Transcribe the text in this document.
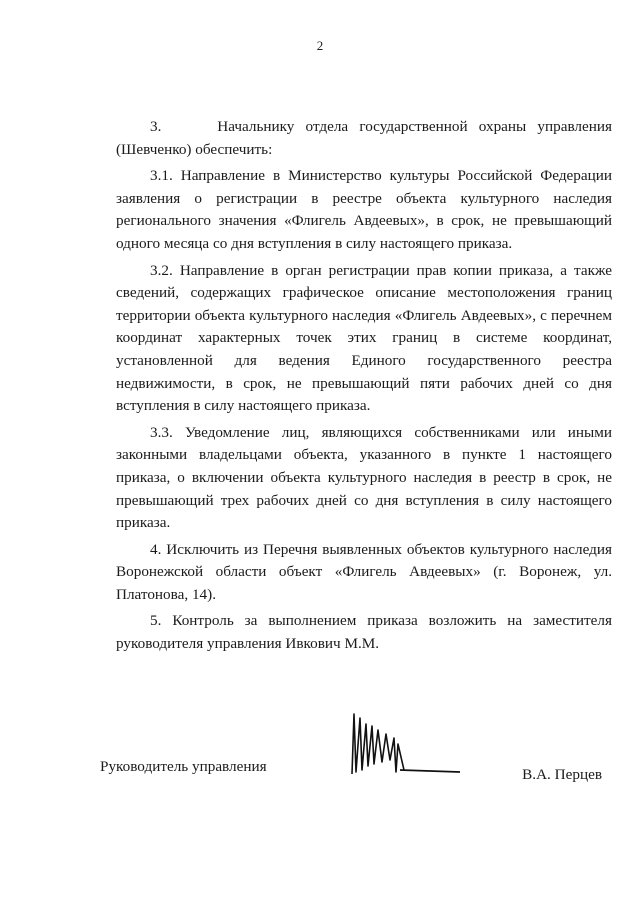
2

3.     Начальнику отдела государственной охраны управления (Шевченко) обеспечить:

3.1. Направление в Министерство культуры Российской Федерации заявления о регистрации в реестре объекта культурного наследия регионального значения «Флигель Авдеевых», в срок, не превышающий одного месяца со дня вступления в силу настоящего приказа.

3.2. Направление в орган регистрации прав копии приказа, а также сведений, содержащих графическое описание местоположения границ территории объекта культурного наследия «Флигель Авдеевых», с перечнем координат характерных точек этих границ в системе координат, установленной для ведения Единого государственного реестра недвижимости, в срок, не превышающий пяти рабочих дней со дня вступления в силу настоящего приказа.

3.3. Уведомление лиц, являющихся собственниками или иными законными владельцами объекта, указанного в пункте 1 настоящего приказа, о включении объекта культурного наследия в реестр в срок, не превышающий трех рабочих дней со дня вступления в силу настоящего приказа.

4. Исключить из Перечня выявленных объектов культурного наследия Воронежской области объект «Флигель Авдеевых» (г. Воронеж, ул. Платонова, 14).

5. Контроль за выполнением приказа возложить на заместителя руководителя управления Ивкович М.М.

Руководитель управления	В.А. Перцев
